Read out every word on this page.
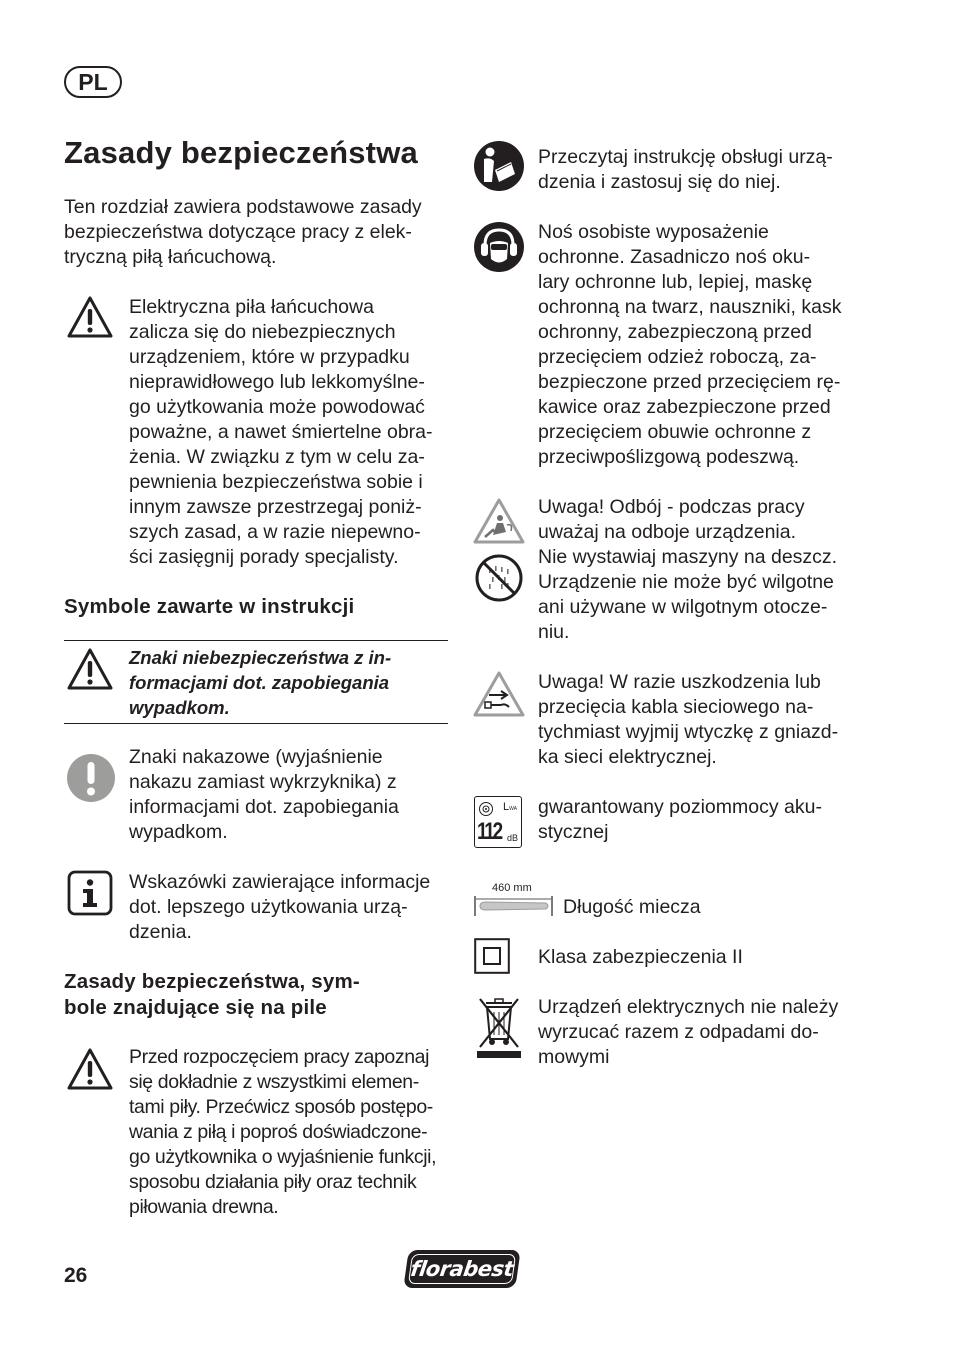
PL
Zasady bezpieczeństwa

Ten rozdział zawiera podstawowe zasady

bezpieczeństwa dotyczące pracy z elek-

tryczną piłą łańcuchową.

Elektryczna piła łańcuchowa

zalicza się do niebezpiecznych

urządzeniem, które w przypadku

nieprawidłowego lub lekkomyślne-

go użytkowania może powodować

poważne, a nawet śmiertelne obra-

żenia. W związku z tym w celu za-

pewnienia bezpieczeństwa sobie i

innym zawsze przestrzegaj poniż-

szych zasad, a w razie niepewno-

ści zasięgnij porady specjalisty.

Symbole zawarte w instrukcji

Znaki niebezpieczeństwa z in-

formacjami dot. zapobiegania

wypadkom.

Znaki nakazowe (wyjaśnienie

nakazu zamiast wykrzyknika) z

informacjami dot. zapobiegania

wypadkom.

Wskazówki zawierające informacje

dot. lepszego użytkowania urzą-

dzenia.

Zasady bezpieczeństwa, sym-
bole znajdujące się na pile

Przed rozpoczęciem pracy zapoznaj

się dokładnie z wszystkimi elemen-

tami piły. Przećwicz sposób postępo-

wania z piłą i poproś doświadczone-

go użytkownika o wyjaśnienie funkcji,

sposobu działania piły oraz technik

piłowania drewna.

Przeczytaj instrukcję obsługi urzą-

dzenia i zastosuj się do niej.

Noś osobiste wyposażenie

ochronne. Zasadniczo noś oku-

lary ochronne lub, lepiej, maskę

ochronną na twarz, nauszniki, kask

ochronny, zabezpieczoną przed

przecięciem odzież roboczą, za-

bezpieczone przed przecięciem rę-

kawice oraz zabezpieczone przed

przecięciem obuwie ochronne z

przeciwpoślizgową podeszwą.

Uwaga! Odbój - podczas pracy

uważaj na odboje urządzenia.

Nie wystawiaj maszyny na deszcz.

Urządzenie nie może być wilgotne

ani używane w wilgotnym otocze-

niu.

Uwaga! W razie uszkodzenia lub

przecięcia kabla sieciowego na-

tychmiast wyjmij wtyczkę z gniazd-

ka sieci elektrycznej.

LWA
112 dB

gwarantowany poziommocy aku-

stycznej

460 mm

Długość miecza

Klasa zabezpieczenia II

Urządzeń elektrycznych nie należy

wyrzucać razem z odpadami do-

mowymi

26	florabest
